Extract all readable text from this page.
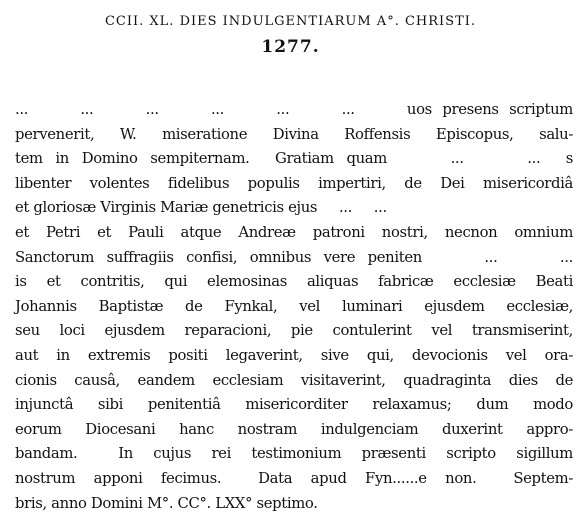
CCII. XL. DIES INDULGENTIARUM A°. CHRISTI.
1277.
...     ...     ...     ...     ...     ...     uos presens scriptum
pervenerit, W. miseratione Divina Roffensis Episcopus, salu-
tem in Domino sempiternam.  Gratiam quam     ...     ...  s
libenter volentes fidelibus populis impertiri, de Dei misericordiâ
et gloriosæ Virginis Mariæ genetricis ejus     ...     ...
et Petri et Pauli atque Andreæ patroni nostri, necnon omnium
Sanctorum suffragiis confisi, omnibus vere peniten     ...     ...
is et contritis, qui elemosinas aliquas fabricæ ecclesiæ Beati
Johannis Baptistæ de Fynkal, vel luminari ejusdem ecclesiæ,
seu loci ejusdem reparacioni, pie contulerint vel transmiserint,
aut in extremis positi legaverint, sive qui, devocionis vel ora-
cionis causâ, eandem ecclesiam visitaverint, quadraginta dies de
injunctâ sibi penitentiâ misericorditer relaxamus; dum modo
eorum Diocesani hanc nostram indulgenciam duxerint appro-
bandam.  In cujus rei testimonium præsenti scripto sigillum
nostrum apponi fecimus.  Data apud Fyn......e non.  Septem-
bris, anno Domini M°. CC°. LXX° septimo.
